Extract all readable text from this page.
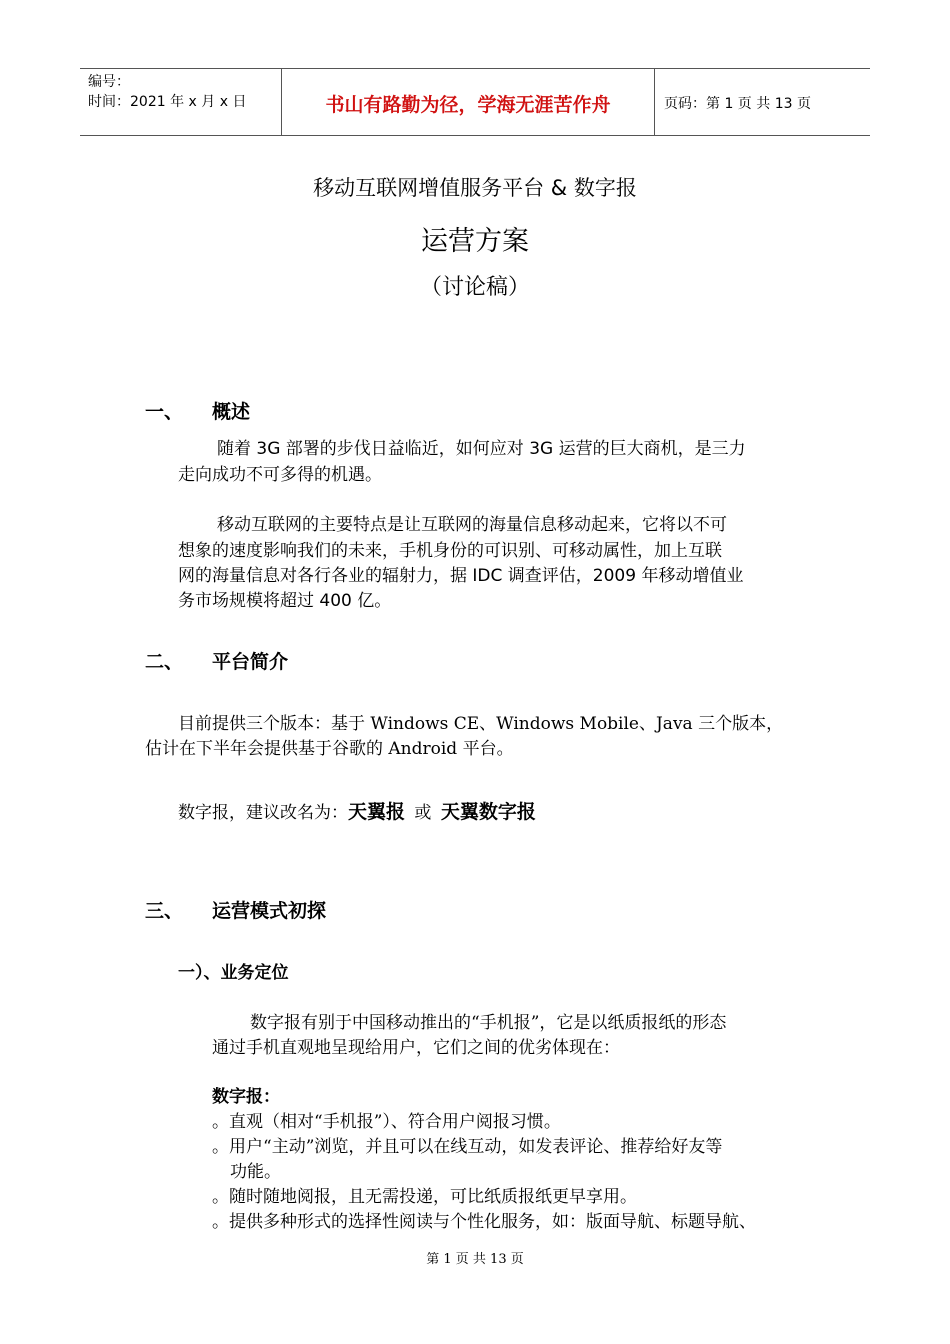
编号：
时间：2021 年 x 月 x 日	书山有路勤为径，学海无涯苦作舟	页码：第 1 页 共 13 页
移动互联网增值服务平台 & 数字报
运营方案
（讨论稿）
一、 概述
随着 3G 部署的步伐日益临近，如何应对 3G 运营的巨大商机，是三力
走向成功不可多得的机遇。
移动互联网的主要特点是让互联网的海量信息移动起来，它将以不可
想象的速度影响我们的未来，手机身份的可识别、可移动属性，加上互联
网的海量信息对各行各业的辐射力，据 IDC 调查评估，2009 年移动增值业
务市场规模将超过 400 亿。
二、 平台简介
目前提供三个版本：基于 Windows CE、Windows Mobile、Java 三个版本，
估计在下半年会提供基于谷歌的 Android 平台。
数字报，建议改名为：天翼报 或 天翼数字报
三、 运营模式初探
一）、业务定位
数字报有别于中国移动推出的“手机报”，它是以纸质报纸的形态
通过手机直观地呈现给用户，它们之间的优劣体现在：
数字报：
。直观（相对“手机报”）、符合用户阅报习惯。
。用户“主动”浏览，并且可以在线互动，如发表评论、推荐给好友等
功能。
。随时随地阅报，且无需投递，可比纸质报纸更早享用。
。提供多种形式的选择性阅读与个性化服务，如：版面导航、标题导航、
第 1 页 共 13 页
